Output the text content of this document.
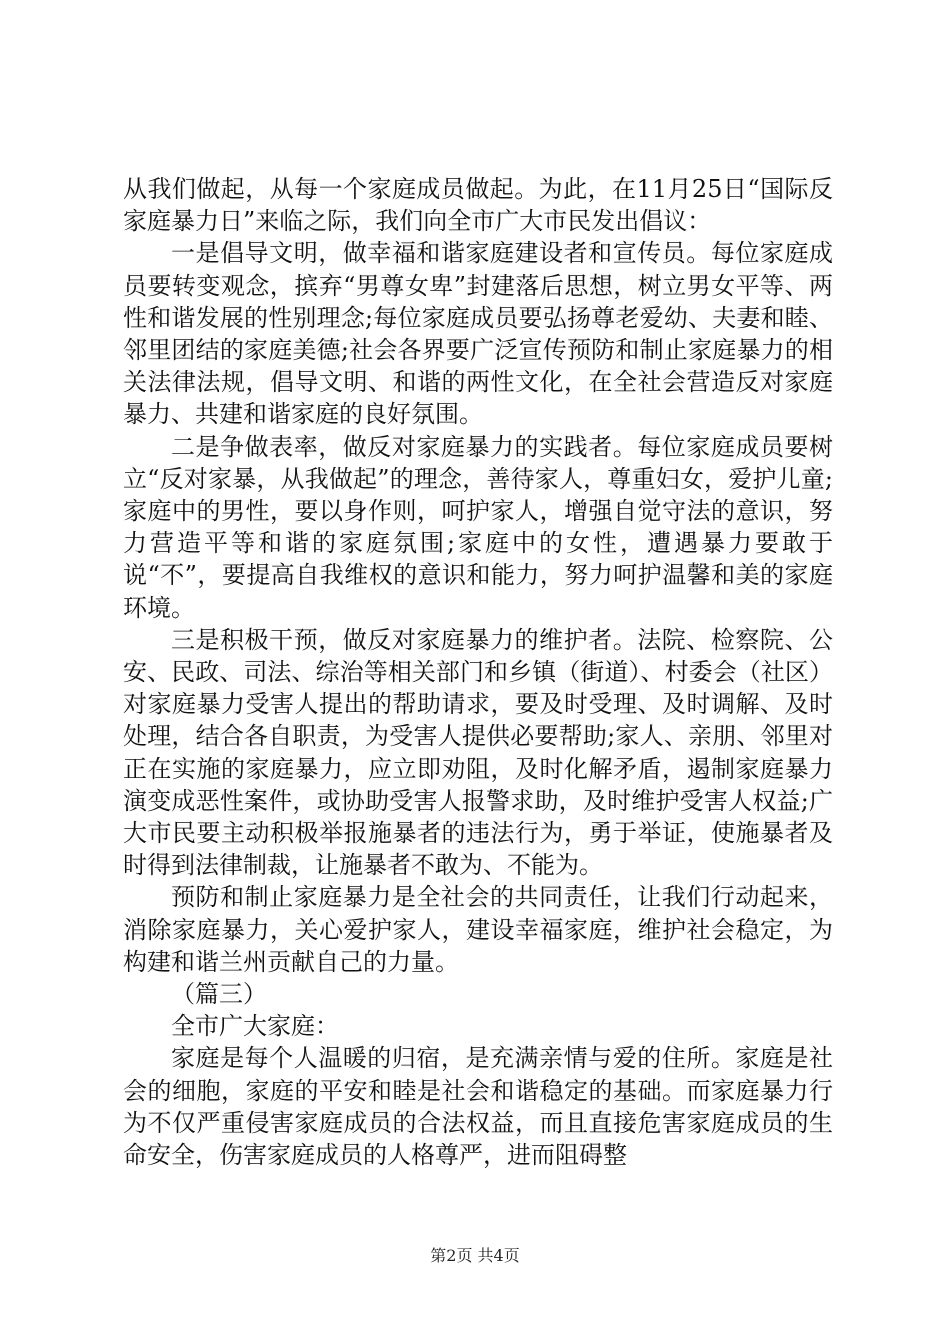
从我们做起，从每一个家庭成员做起。为此，在11月25日“国际反家庭暴力日”来临之际，我们向全市广大市民发出倡议：

一是倡导文明，做幸福和谐家庭建设者和宣传员。每位家庭成员要转变观念，摈弃“男尊女卑”封建落后思想，树立男女平等、两性和谐发展的性别理念;每位家庭成员要弘扬尊老爱幼、夫妻和睦、邻里团结的家庭美德;社会各界要广泛宣传预防和制止家庭暴力的相关法律法规，倡导文明、和谐的两性文化，在全社会营造反对家庭暴力、共建和谐家庭的良好氛围。

二是争做表率，做反对家庭暴力的实践者。每位家庭成员要树立“反对家暴，从我做起”的理念，善待家人，尊重妇女，爱护儿童;家庭中的男性，要以身作则，呵护家人，增强自觉守法的意识，努力营造平等和谐的家庭氛围;家庭中的女性，遭遇暴力要敢于说“不”，要提高自我维权的意识和能力，努力呵护温馨和美的家庭环境。

三是积极干预，做反对家庭暴力的维护者。法院、检察院、公安、民政、司法、综治等相关部门和乡镇（街道）、村委会（社区）对家庭暴力受害人提出的帮助请求，要及时受理、及时调解、及时处理，结合各自职责，为受害人提供必要帮助;家人、亲朋、邻里对正在实施的家庭暴力，应立即劝阻，及时化解矛盾，遏制家庭暴力演变成恶性案件，或协助受害人报警求助，及时维护受害人权益;广大市民要主动积极举报施暴者的违法行为，勇于举证，使施暴者及时得到法律制裁，让施暴者不敢为、不能为。

预防和制止家庭暴力是全社会的共同责任，让我们行动起来，消除家庭暴力，关心爱护家人，建设幸福家庭，维护社会稳定，为构建和谐兰州贡献自己的力量。

（篇三）

全市广大家庭：

家庭是每个人温暖的归宿，是充满亲情与爱的住所。家庭是社会的细胞，家庭的平安和睦是社会和谐稳定的基础。而家庭暴力行为不仅严重侵害家庭成员的合法权益，而且直接危害家庭成员的生命安全，伤害家庭成员的人格尊严，进而阻碍整

第2页 共4页
